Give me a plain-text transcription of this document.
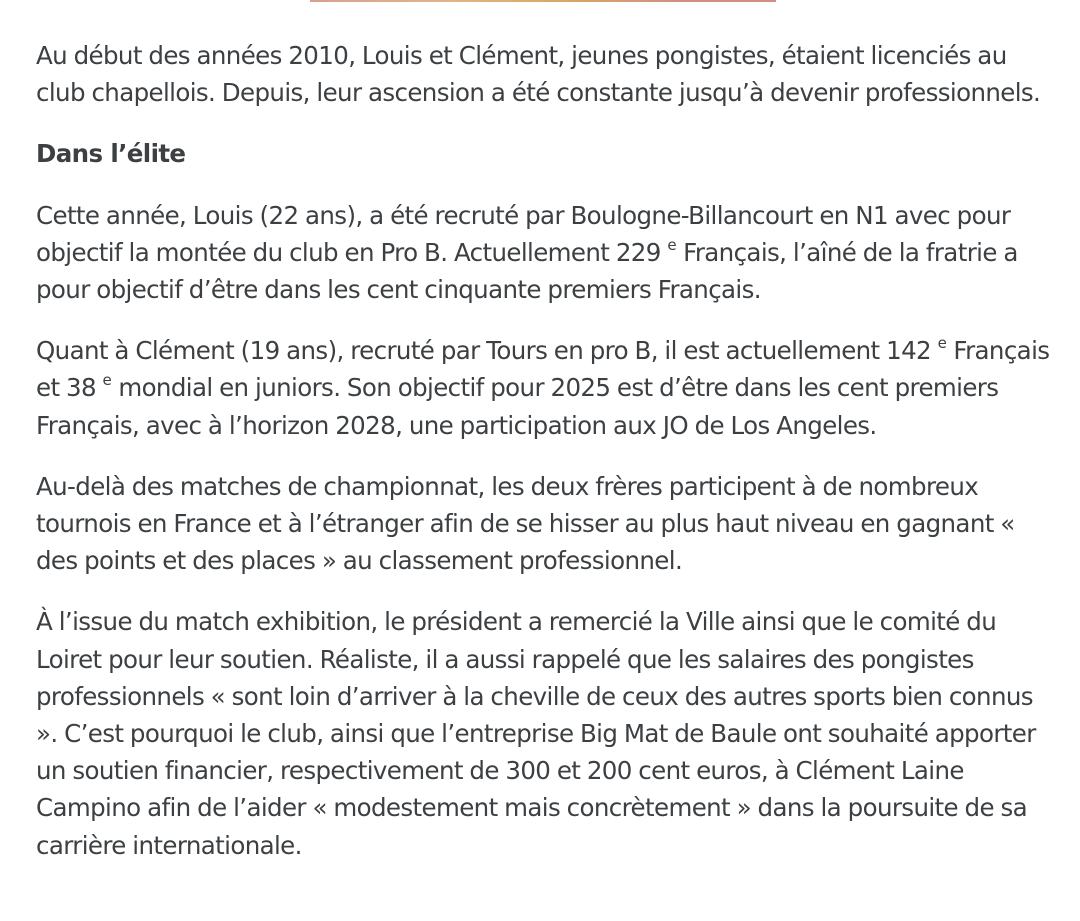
Au début des années 2010, Louis et Clément, jeunes pongistes, étaient licenciés au club chapellois. Depuis, leur ascension a été constante jusqu’à devenir professionnels.

Dans l’élite

Cette année, Louis (22 ans), a été recruté par Boulogne-Billancourt en N1 avec pour objectif la montée du club en Pro B. Actuellement 229 $^e$ Français, l’aîné de la fratrie a pour objectif d’être dans les cent cinquante premiers Français.

Quant à Clément (19 ans), recruté par Tours en pro B, il est actuellement 142 $^e$ Français et 38 $^e$ mondial en juniors. Son objectif pour 2025 est d’être dans les cent premiers Français, avec à l’horizon 2028, une participation aux JO de Los Angeles.

Au-delà des matches de championnat, les deux frères participent à de nombreux tournois en France et à l’étranger afin de se hisser au plus haut niveau en gagnant « des points et des places » au classement professionnel.

À l’issue du match exhibition, le président a remercié la Ville ainsi que le comité du Loiret pour leur soutien. Réaliste, il a aussi rappelé que les salaires des pongistes professionnels « sont loin d’arriver à la cheville de ceux des autres sports bien connus ». C’est pourquoi le club, ainsi que l’entreprise Big Mat de Baule ont souhaité apporter un soutien financier, respectivement de 300 et 200 cent euros, à Clément Laine Campino afin de l’aider « modestement mais concrètement » dans la poursuite de sa carrière internationale.
